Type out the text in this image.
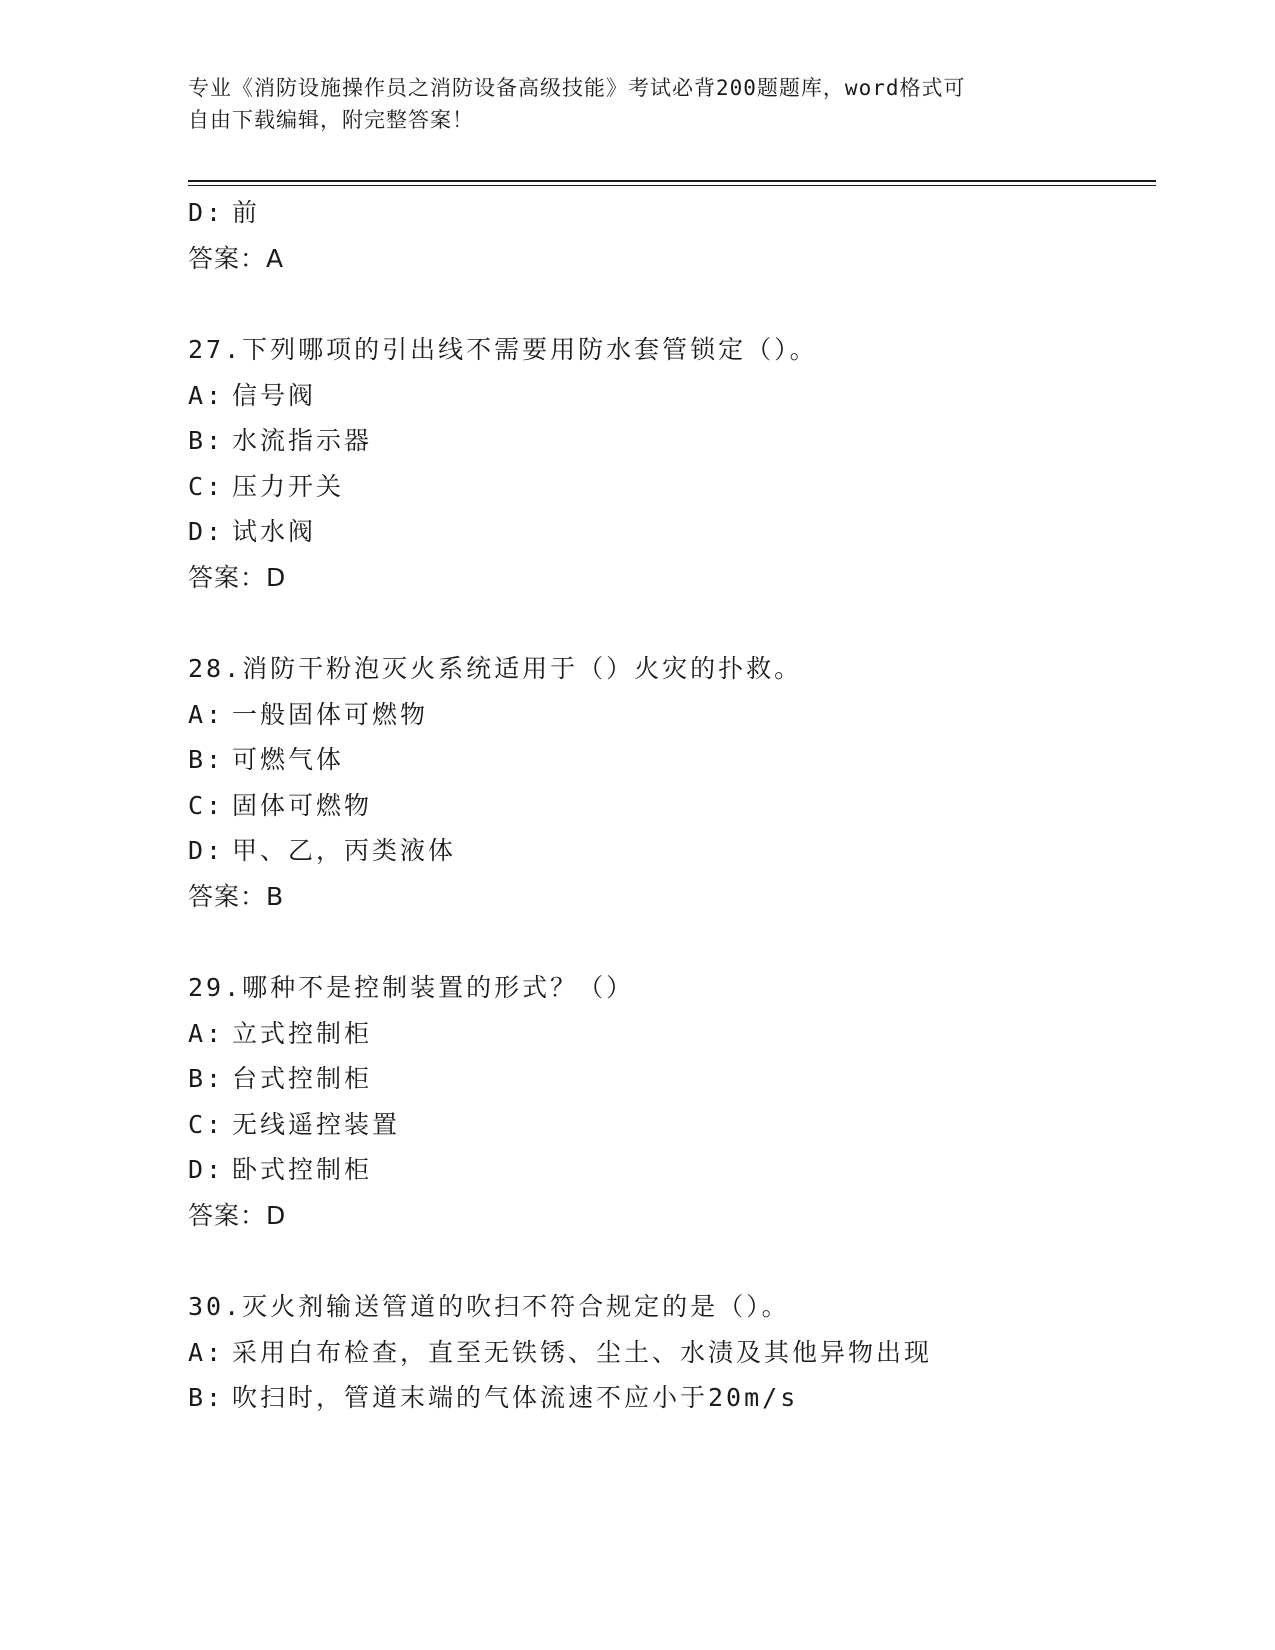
专业《消防设施操作员之消防设备高级技能》考试必背200题题库，word格式可
自由下载编辑，附完整答案！
D: 前
答案：A
27.下列哪项的引出线不需要用防水套管锁定（）。
A: 信号阀
B: 水流指示器
C: 压力开关
D: 试水阀
答案：D
28.消防干粉泡灭火系统适用于（）火灾的扑救。
A: 一般固体可燃物
B: 可燃气体
C: 固体可燃物
D: 甲、乙，丙类液体
答案：B
29.哪种不是控制装置的形式？（）
A: 立式控制柜
B: 台式控制柜
C: 无线遥控装置
D: 卧式控制柜
答案：D
30.灭火剂输送管道的吹扫不符合规定的是（）。
A: 采用白布检查，直至无铁锈、尘土、水渍及其他异物出现
B: 吹扫时，管道末端的气体流速不应小于20m/s
